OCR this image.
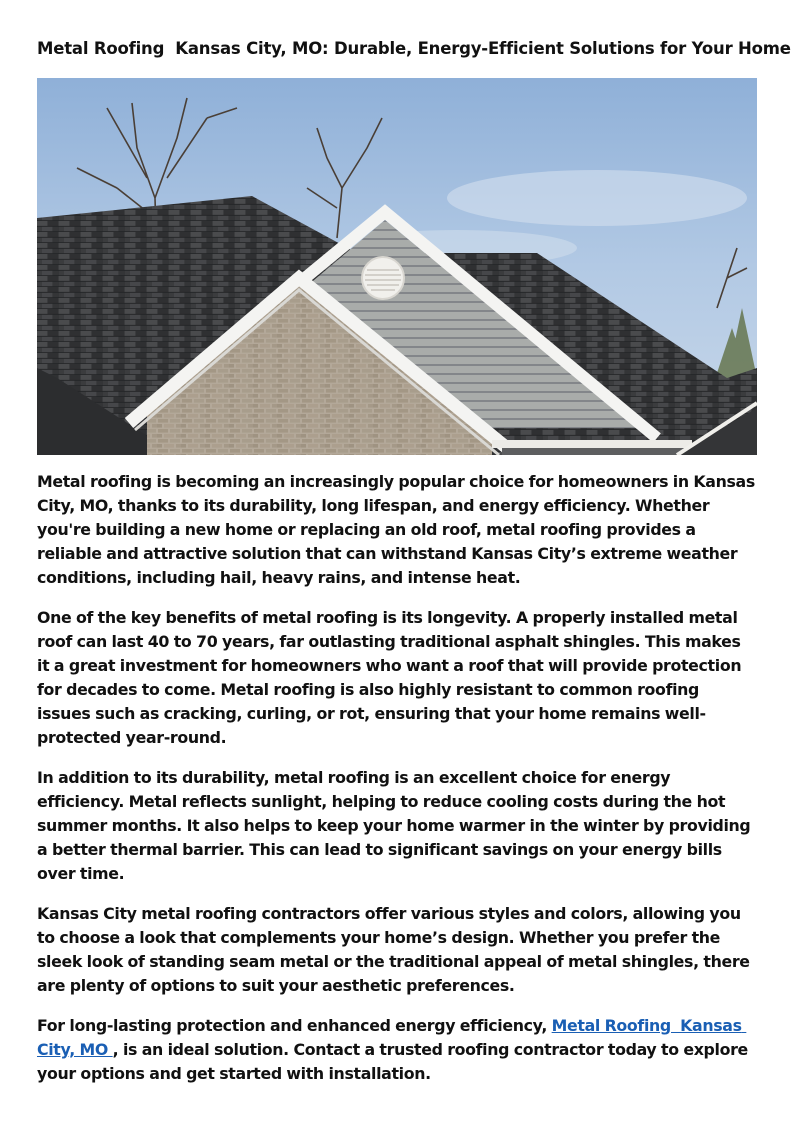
Metal Roofing  Kansas City, MO: Durable, Energy-Efficient Solutions for Your Home

Metal roofing is becoming an increasingly popular choice for homeowners in Kansas City, MO, thanks to its durability, long lifespan, and energy efficiency. Whether you're building a new home or replacing an old roof, metal roofing provides a reliable and attractive solution that can withstand Kansas City’s extreme weather conditions, including hail, heavy rains, and intense heat.

One of the key benefits of metal roofing is its longevity. A properly installed metal roof can last 40 to 70 years, far outlasting traditional asphalt shingles. This makes it a great investment for homeowners who want a roof that will provide protection for decades to come. Metal roofing is also highly resistant to common roofing issues such as cracking, curling, or rot, ensuring that your home remains well-protected year-round.

In addition to its durability, metal roofing is an excellent choice for energy efficiency. Metal reflects sunlight, helping to reduce cooling costs during the hot summer months. It also helps to keep your home warmer in the winter by providing a better thermal barrier. This can lead to significant savings on your energy bills over time.

Kansas City metal roofing contractors offer various styles and colors, allowing you to choose a look that complements your home’s design. Whether you prefer the sleek look of standing seam metal or the traditional appeal of metal shingles, there are plenty of options to suit your aesthetic preferences.

For long-lasting protection and enhanced energy efficiency, Metal Roofing  Kansas City, MO , is an ideal solution. Contact a trusted roofing contractor today to explore your options and get started with installation.
